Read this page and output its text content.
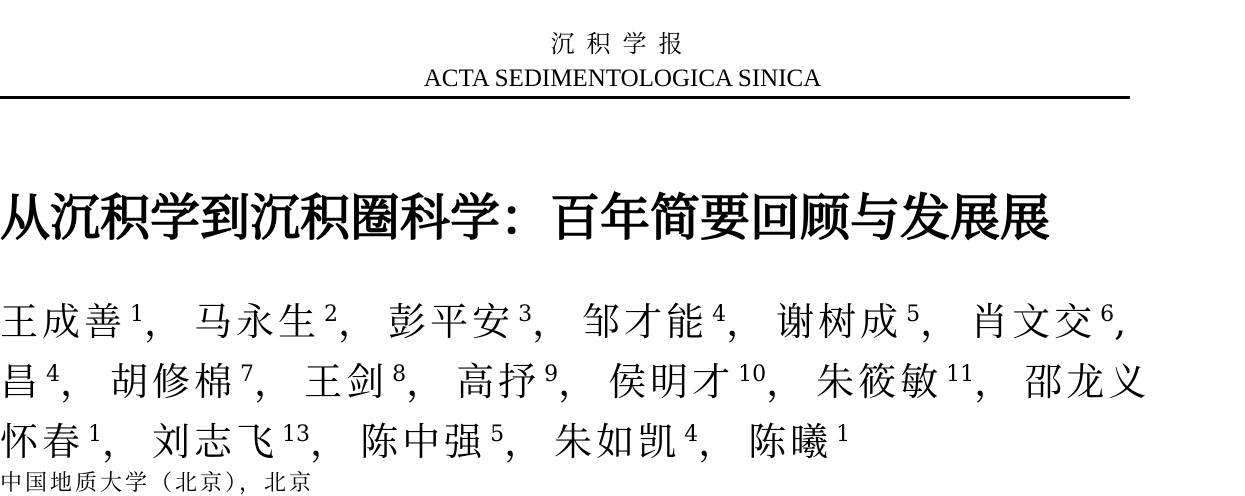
沉积学报
ACTA SEDIMENTOLOGICA SINICA
从沉积学到沉积圈科学：百年简要回顾与发展展
王成善 $^1$， 马永生 $^2$， 彭平安 $^3$， 邹才能 $^4$， 谢树成 $^5$， 肖文交 $^6$,
昌 $^4$， 胡修棉 $^7$， 王剑 $^8$， 高抒 $^9$， 侯明才 $^{10}$， 朱筱敏 $^{11}$， 邵龙义
怀春 $^1$， 刘志飞 $^{13}$， 陈中强 $^5$， 朱如凯 $^4$， 陈曦 $^1$
中国地质大学（北京），北京
